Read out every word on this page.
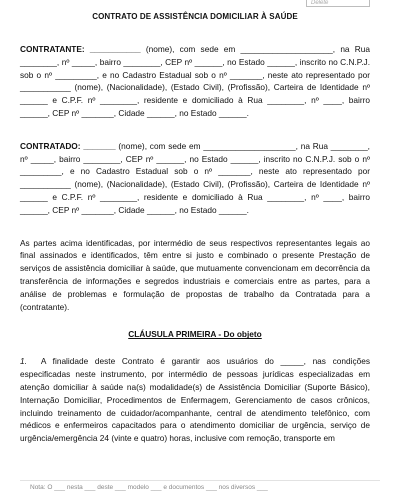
Delete

CONTRATO DE ASSISTÊNCIA DOMICILIAR À SAÚDE

CONTRATANTE: ___________ (nome), com sede em ____________________, na Rua ________, nº _____, bairro ________, CEP nº ______, no Estado ______, inscrito no C.N.P.J. sob o nº _________, e no Cadastro Estadual sob o nº _______, neste ato representado por ___________ (nome), (Nacionalidade), (Estado Civil), (Profissão), Carteira de Identidade nº ______ e C.P.F. nº ________, residente e domiciliado à Rua ________, nº ____, bairro ______, CEP nº _______, Cidade ______, no Estado ______.

CONTRATADO: _______ (nome), com sede em ____________________, na Rua ________, nº _____, bairro ________, CEP nº ______, no Estado ______, inscrito no C.N.P.J. sob o nº _________, e no Cadastro Estadual sob o nº _______, neste ato representado por ___________ (nome), (Nacionalidade), (Estado Civil), (Profissão), Carteira de Identidade nº ______ e C.P.F. nº ________, residente e domiciliado à Rua ________, nº ____, bairro ______, CEP nº _______, Cidade ______, no Estado ______.

As partes acima identificadas, por intermédio de seus respectivos representantes legais ao final assinados e identificados, têm entre si justo e combinado o presente Prestação de serviços de assistência domiciliar à saúde, que mutuamente convencionam em decorrência da transferência de informações e segredos industriais e comerciais entre as partes, para a análise de problemas e formulação de propostas de trabalho da Contratada para a (contratante).

CLÁUSULA PRIMEIRA - Do objeto

1. A finalidade deste Contrato é garantir aos usuários do _____, nas condições especificadas neste instrumento, por intermédio de pessoas jurídicas especializadas em atenção domiciliar à saúde na(s) modalidade(s) de Assistência Domiciliar (Suporte Básico), Internação Domiciliar, Procedimentos de Enfermagem, Gerenciamento de casos crônicos, incluindo treinamento de cuidador/acompanhante, central de atendimento telefônico, com médicos e enfermeiros capacitados para o atendimento domiciliar de urgência, serviço de urgência/emergência 24 (vinte e quatro) horas, inclusive com remoção, transporte em

Nota: O ___ nesta ___ deste ___ modelo ___ e documentos ___ nos diversos ___
